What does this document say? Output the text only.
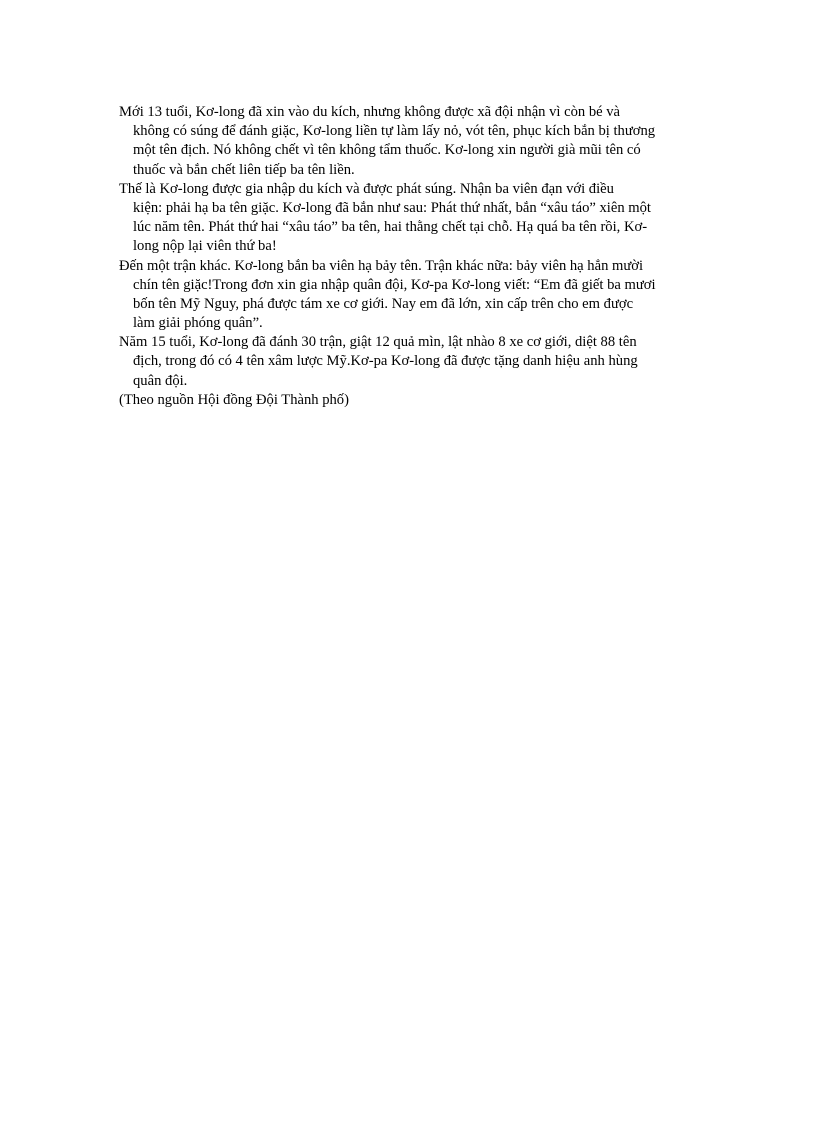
Mới 13 tuổi, Kơ-long đã xin vào du kích, nhưng không được xã đội nhận vì còn bé và
không có súng để đánh giặc, Kơ-long liền tự làm lấy nỏ, vót tên, phục kích bắn bị thương
một tên địch. Nó không chết vì tên không tẩm thuốc. Kơ-long xin người già mũi tên có
thuốc và bắn chết liên tiếp ba tên liền.
Thế là Kơ-long được gia nhập du kích và được phát súng. Nhận ba viên đạn với điều
kiện: phải hạ ba tên giặc. Kơ-long đã bắn như sau: Phát thứ nhất, bắn “xâu táo” xiên một
lúc năm tên. Phát thứ hai “xâu táo” ba tên, hai thằng chết tại chỗ. Hạ quá ba tên rồi, Kơ-
long nộp lại viên thứ ba!
Đến một trận khác. Kơ-long bắn ba viên hạ bảy tên. Trận khác nữa: bảy viên hạ hẳn mười
chín tên giặc!Trong đơn xin gia nhập quân đội, Kơ-pa Kơ-long viết: “Em đã giết ba mươi
bốn tên Mỹ Nguy, phá được tám xe cơ giới. Nay em đã lớn, xin cấp trên cho em được
làm giải phóng quân”.
Năm 15 tuổi, Kơ-long đã đánh 30 trận, giật 12 quả mìn, lật nhào 8 xe cơ giới, diệt 88 tên
địch, trong đó có 4 tên xâm lược Mỹ.Kơ-pa Kơ-long đã được tặng danh hiệu anh hùng
quân đội.
(Theo nguồn Hội đồng Đội Thành phố)
